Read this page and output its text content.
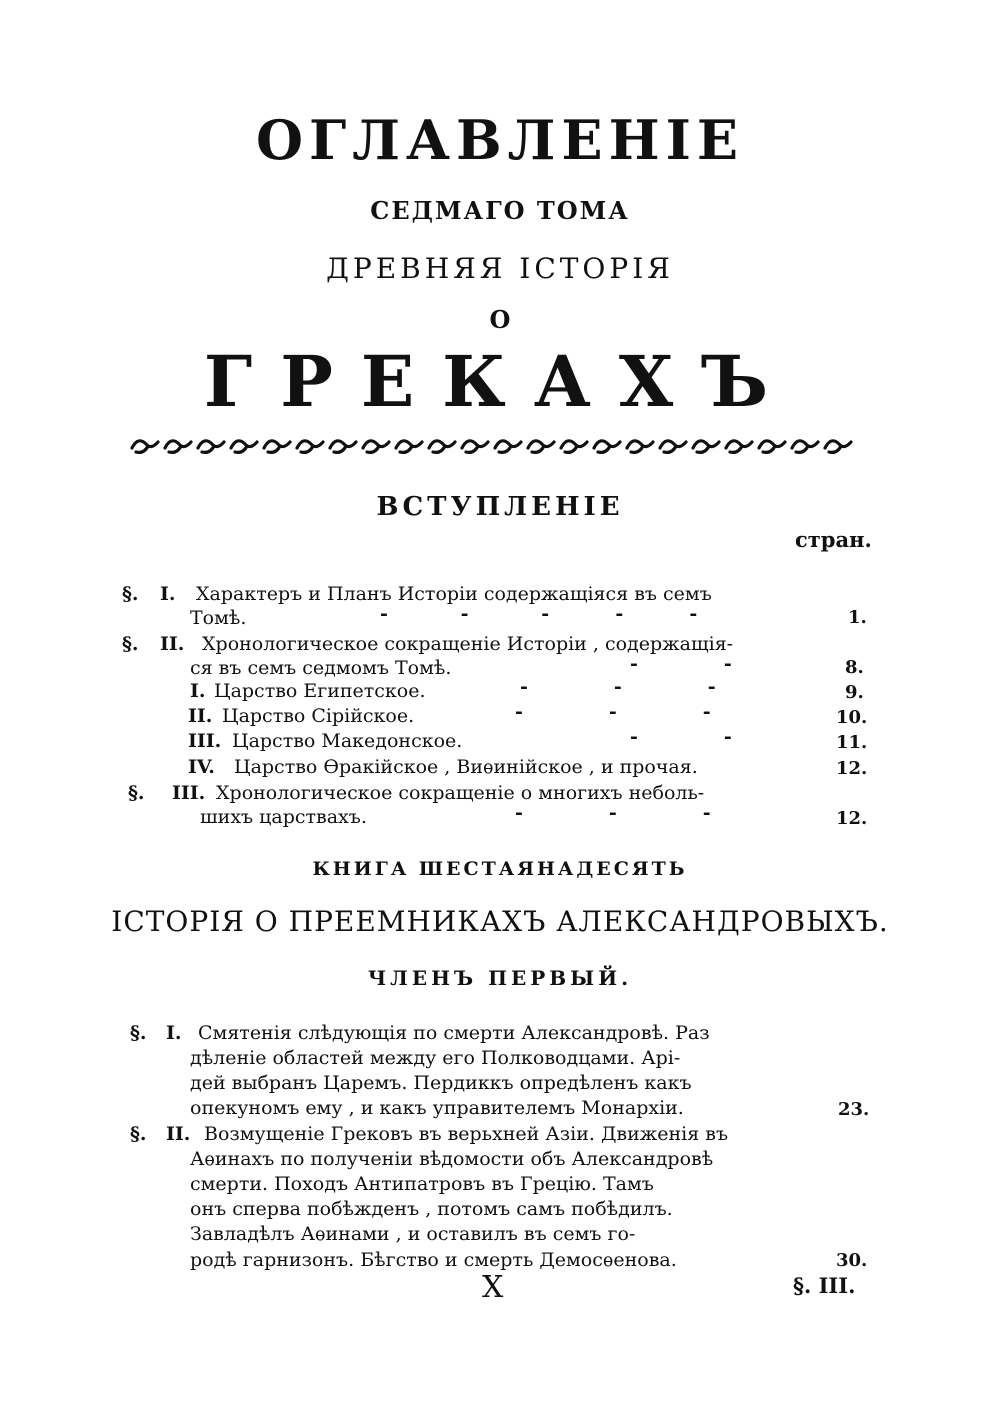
ОГЛАВЛЕНІЕ
СЕДМАГО ТОМА
ДРЕВНЯЯ ІСТОРІЯ
О
ГРЕКАХЪ
ВСТУПЛЕНІЕ
стран.
§. I. Характеръ и Планъ Исторіи содержащіяся въ семъ
Томѣ.	-           -           -          -          -	1.
§. II. Хронологическое сокращеніе Исторіи , содержащія-
ся въ семъ седмомъ Томѣ.	-             -	8.
I. Царство Египетское.	-             -             -	9.
II. Царство Сірійское.	-             -             -	10.
III. Царство Македонское.	-             -	11.
IV. Царство Ѳракійское , Виѳинійское , и прочая.	12.
§. III. Хронологическое сокращеніе о многихъ неболь-
шихъ царствахъ.	-             -             -	12.
КНИГА ШЕСТАЯНАДЕСЯТЬ
ІСТОРІЯ О ПРЕЕМНИКАХЪ АЛЕКСАНДРОВЫХЪ.
ЧЛЕНЪ ПЕРВЫЙ.
§. I. Смятенія слѣдующія по смерти Александровѣ. Раз
дѣленіе областей между его Полководцами. Арі-
дей выбранъ Царемъ. Пердиккъ опредѣленъ какъ
опекуномъ ему , и какъ управителемъ Монархіи.	23.
§. II. Возмущеніе Грековъ въ верьхней Азіи. Движенія въ
Аѳинахъ по полученіи вѣдомости объ Александровѣ
смерти. Походъ Антипатровъ въ Грецію. Тамъ
онъ сперва побѣжденъ , потомъ самъ побѣдилъ.
Завладѣлъ Аѳинами , и оставилъ въ семъ го-
родѣ гарнизонъ. Бѣгство и смерть Демосѳенова.	30.
Х	§. III.
